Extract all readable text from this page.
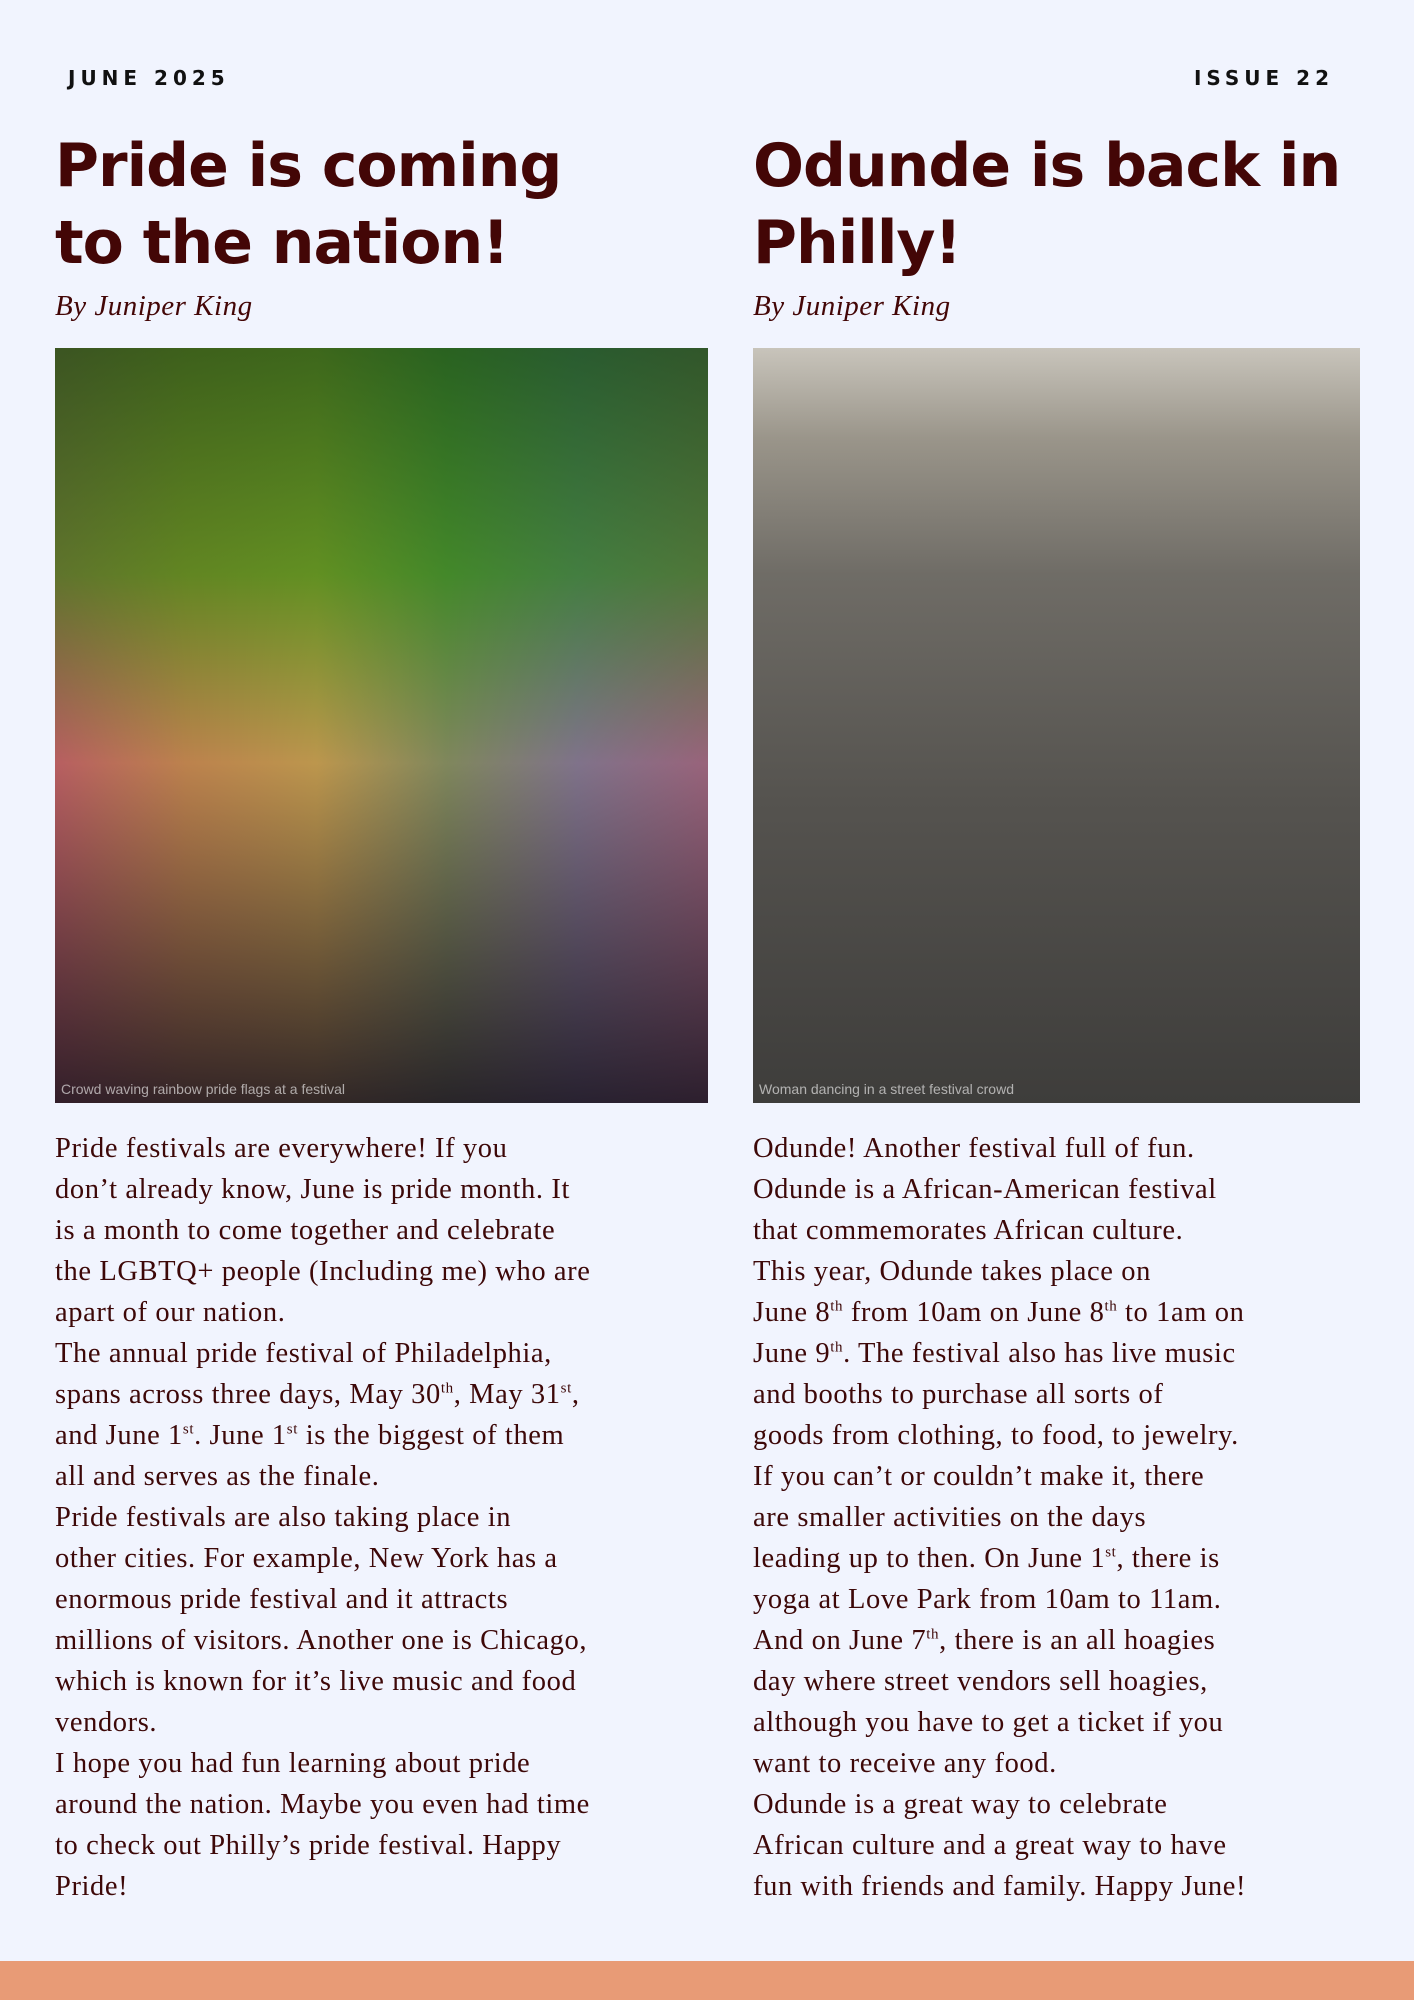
JUNE 2025	ISSUE 22
Pride is coming
to the nation!
By Juniper King
Crowd waving rainbow pride flags at a festival

Pride festivals are everywhere! If you
don’t already know, June is pride month. It
is a month to come together and celebrate
the LGBTQ+ people (Including me) who are
apart of our nation.

The annual pride festival of Philadelphia,
spans across three days, May 30th, May 31st,
and June 1st. June 1st is the biggest of them
all and serves as the finale.

Pride festivals are also taking place in
other cities. For example, New York has a
enormous pride festival and it attracts
millions of visitors. Another one is Chicago,
which is known for it’s live music and food
vendors.

I hope you had fun learning about pride
around the nation. Maybe you even had time
to check out Philly’s pride festival. Happy
Pride!

Odunde is back in
Philly!
By Juniper King
Woman dancing in a street festival crowd

Odunde! Another festival full of fun.
Odunde is a African-American festival
that commemorates African culture.

This year, Odunde takes place on
June 8th from 10am on June 8th to 1am on
June 9th. The festival also has live music
and booths to purchase all sorts of
goods from clothing, to food, to jewelry.

If you can’t or couldn’t make it, there
are smaller activities on the days
leading up to then. On June 1st, there is
yoga at Love Park from 10am to 11am.
And on June 7th, there is an all hoagies
day where street vendors sell hoagies,
although you have to get a ticket if you
want to receive any food.

Odunde is a great way to celebrate
African culture and a great way to have
fun with friends and family. Happy June!
